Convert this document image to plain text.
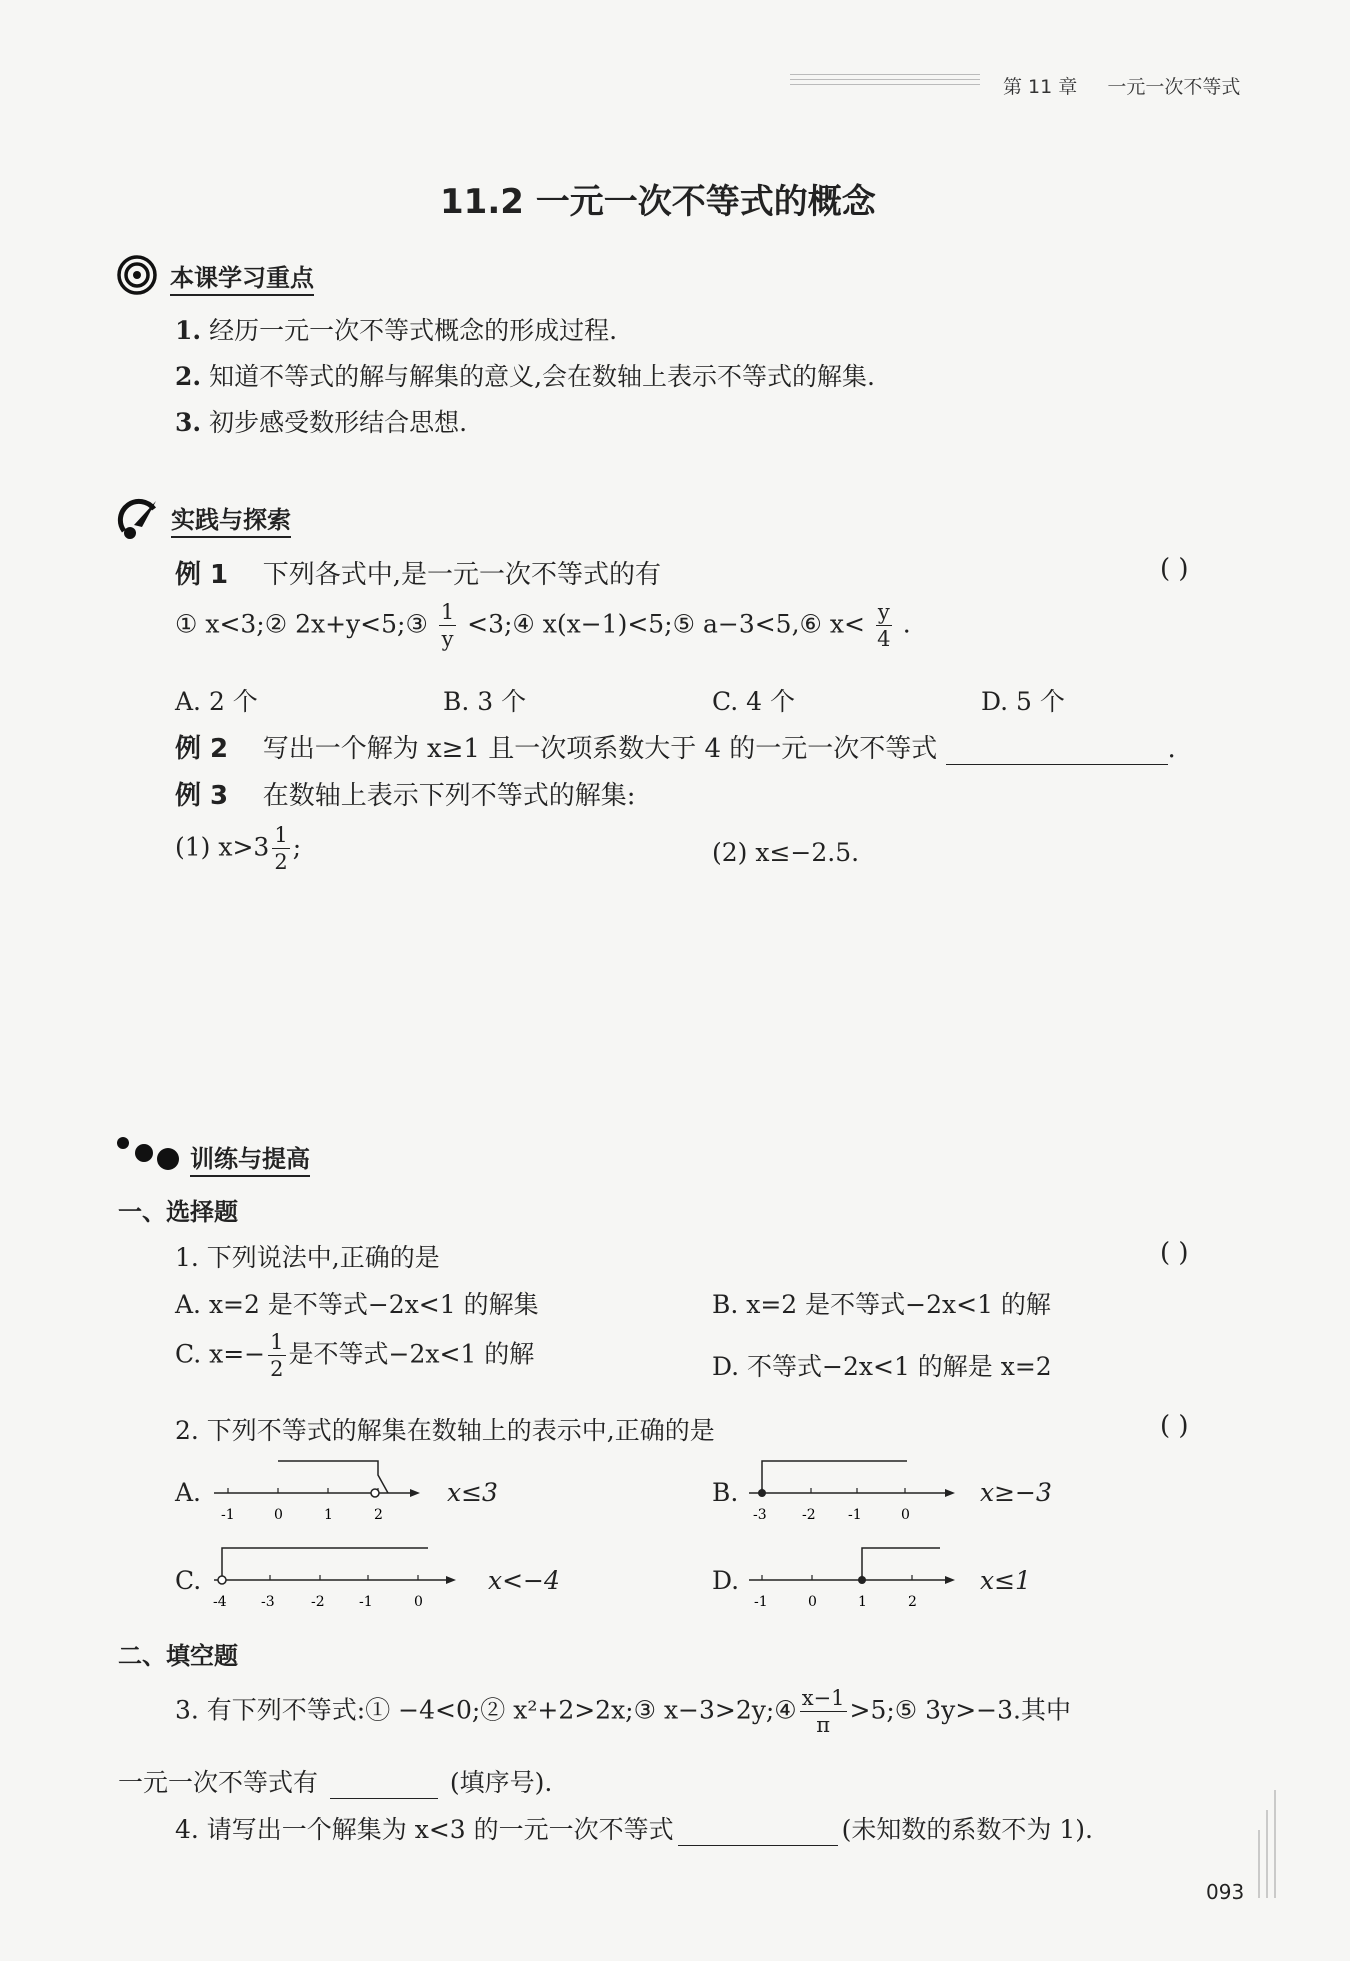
第 11 章 一元一次不等式
11.2 一元一次不等式的概念
本课学习重点
1. 经历一元一次不等式概念的形成过程.
2. 知道不等式的解与解集的意义,会在数轴上表示不等式的解集.
3. 初步感受数形结合思想.
实践与探索
例 1 下列各式中,是一元一次不等式的有	( )
① x<3;② 2x+y<5;③ $\frac{1}{y}$ <3;④ x(x−1)<5;⑤ a−3<5,⑥ $x< \frac{y}{4}$ .
A. 2 个	B. 3 个	C. 4 个	D. 5 个
例 2 写出一个解为 x≥1 且一次项系数大于 4 的一元一次不等式	.
例 3 在数轴上表示下列不等式的解集:
(1) $x>3 \frac{1}{2}$ ;	(2) x≤−2.5.
训练与提高
一、选择题
1. 下列说法中,正确的是	( )
A. x=2 是不等式−2x<1 的解集	B. x=2 是不等式−2x<1 的解
C. $x=- \frac{1}{2}$ 是不等式−2x<1 的解	D. 不等式−2x<1 的解是 x=2
2. 下列不等式的解集在数轴上的表示中,正确的是	( )
A.
-1	0	1	2
x≤3	B.
-3	-2 -1	0
x≥−3
C.
-4 -3	-2 -1	0
x<−4	D.
-1	0	1	2
x≤1
二、填空题
3. 有下列不等式:① −4<0;② x²+2>2x;③ x−3>2y;④ $\frac{x-1}{\pi}$ >5;⑤ 3y>−3.其中
一元一次不等式有	(填序号).
4. 请写出一个解集为 x<3 的一元一次不等式	(未知数的系数不为 1).
093
